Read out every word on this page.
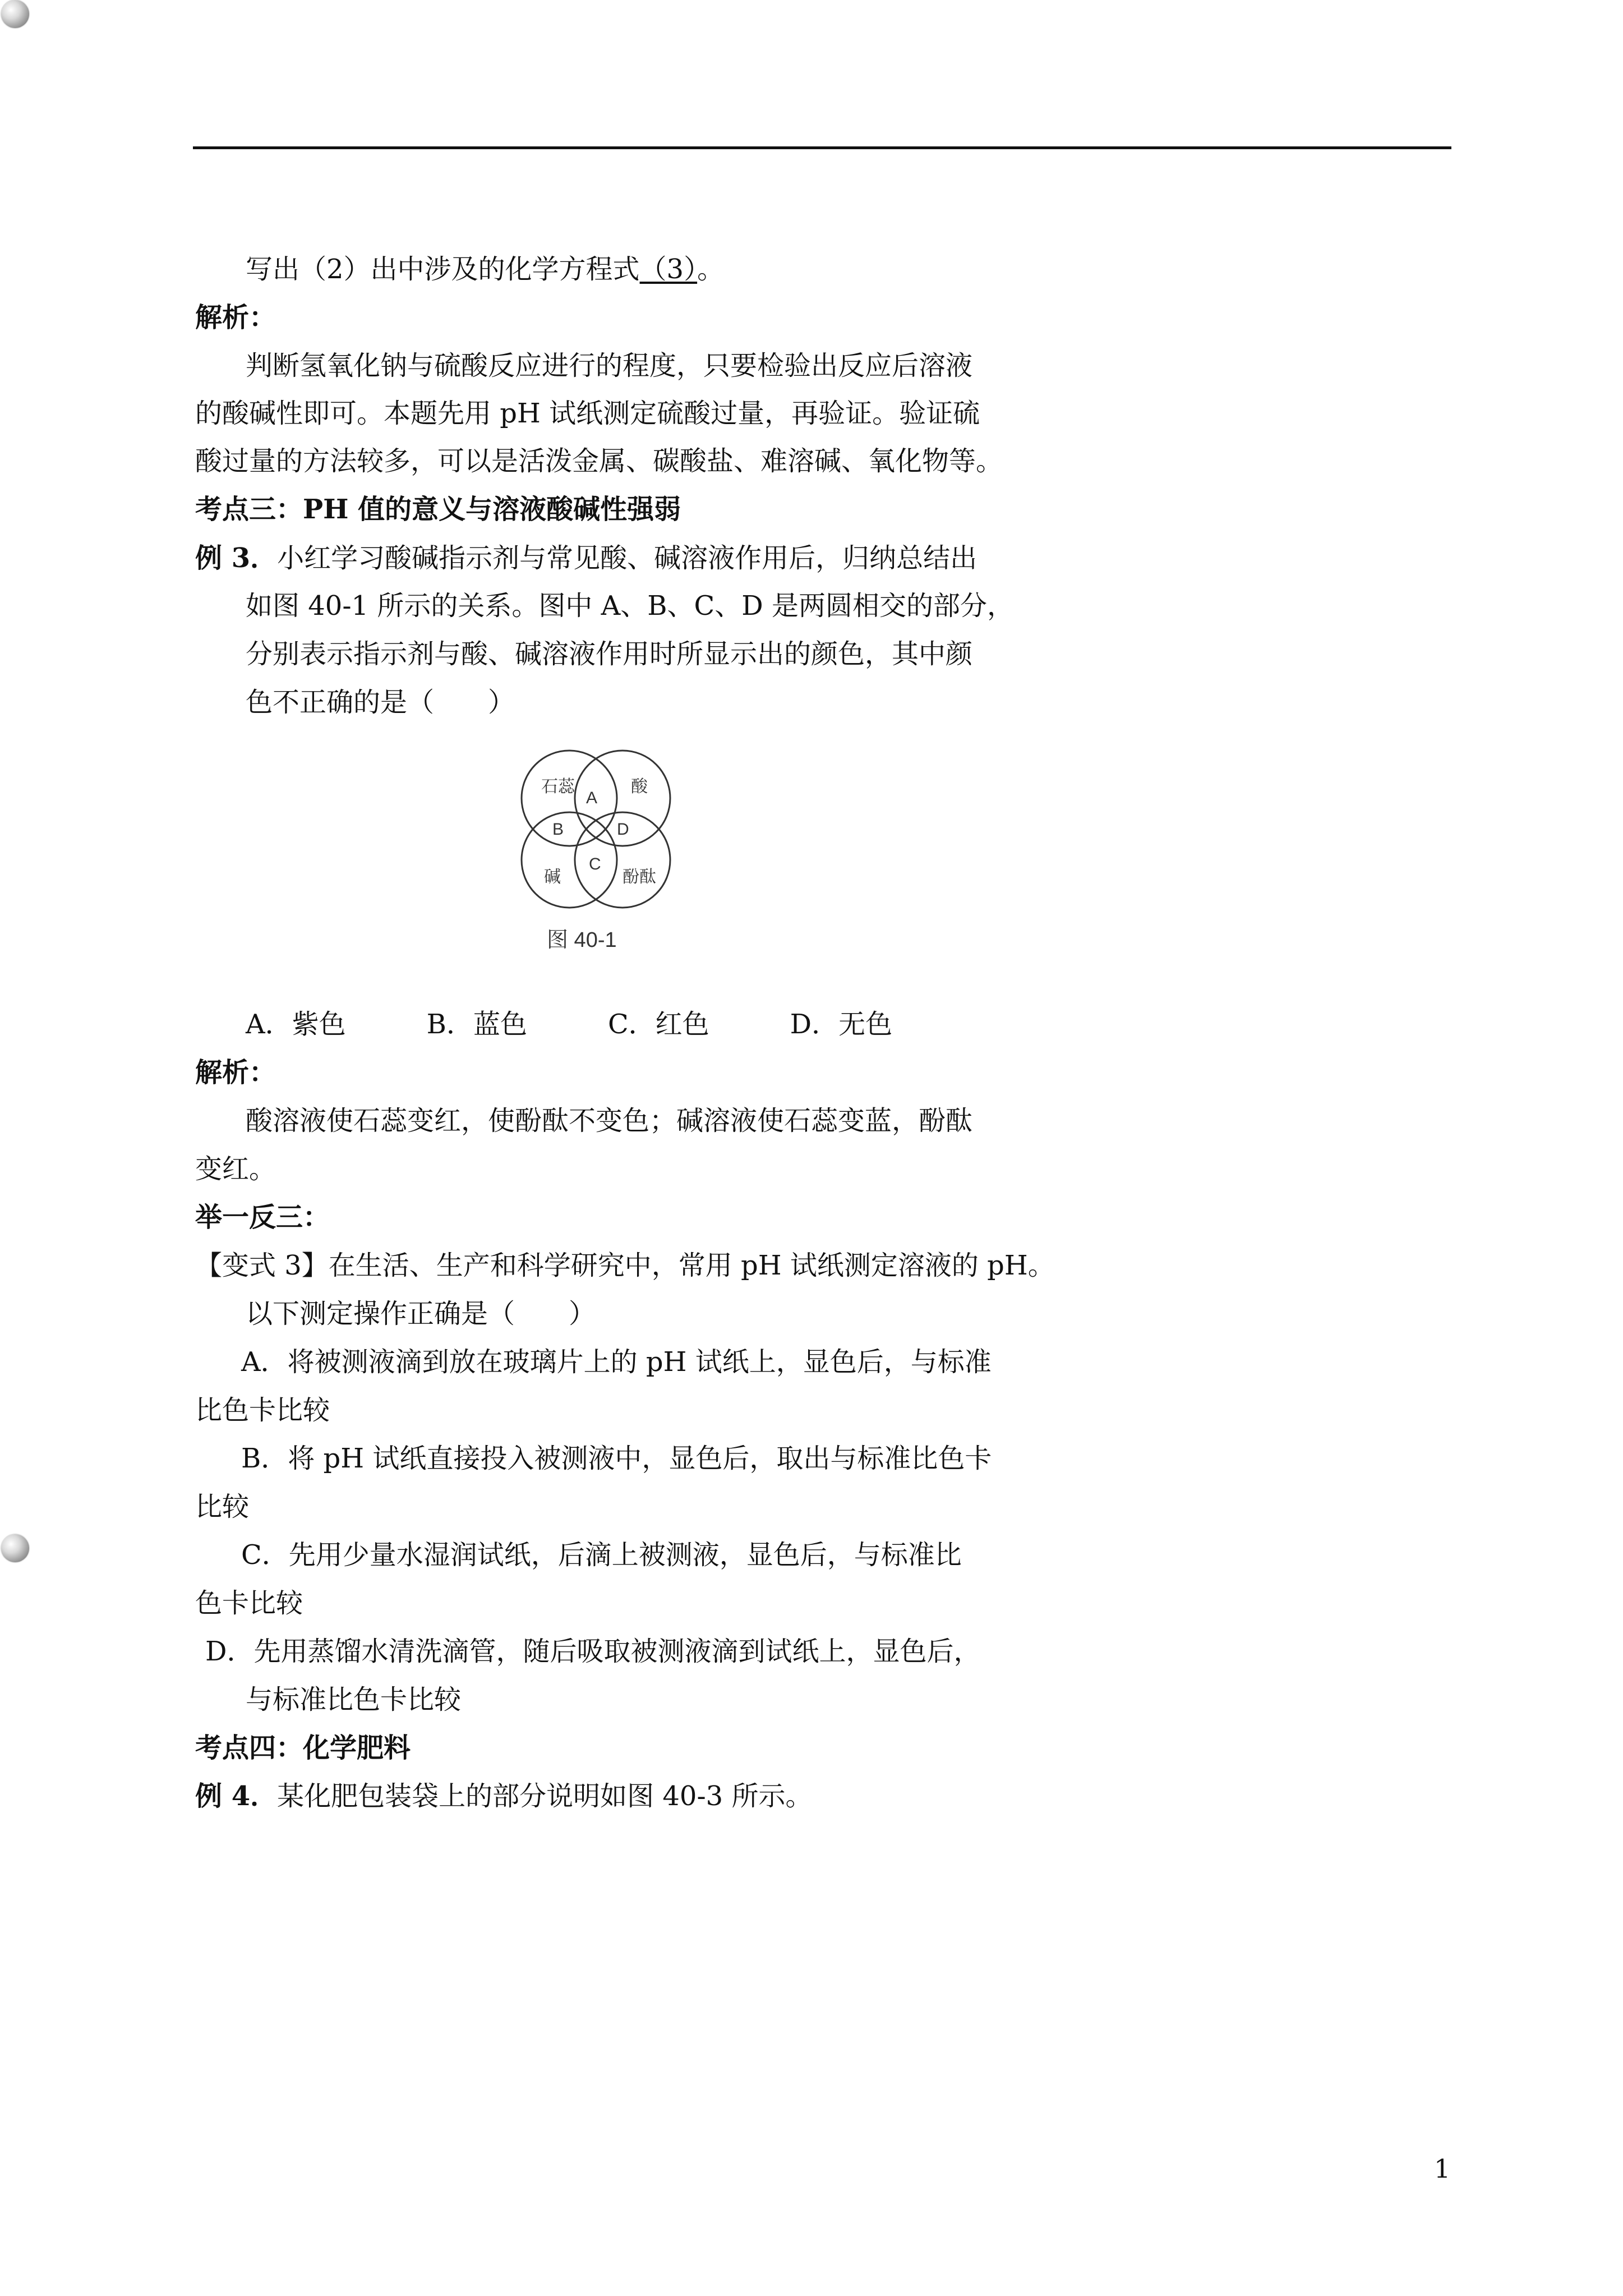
写出（2）出中涉及的化学方程式（3）。
解析：
判断氢氧化钠与硫酸反应进行的程度，只要检验出反应后溶液
的酸碱性即可。本题先用 pH 试纸测定硫酸过量，再验证。验证硫
酸过量的方法较多，可以是活泼金属、碳酸盐、难溶碱、氧化物等。
考点三：PH 值的意义与溶液酸碱性强弱
例 3．小红学习酸碱指示剂与常见酸、碱溶液作用后，归纳总结出
如图 40-1 所示的关系。图中 A、B、C、D 是两圆相交的部分，
分别表示指示剂与酸、碱溶液作用时所显示出的颜色，其中颜
色不正确的是（　　）
石蕊	酸
A
B	D
C
碱	酚酞
图 40-1
A．紫色　　　B．蓝色　　　C．红色　　　D．无色
解析：
酸溶液使石蕊变红，使酚酞不变色；碱溶液使石蕊变蓝，酚酞
变红。
举一反三：
【变式 3】在生活、生产和科学研究中，常用 pH 试纸测定溶液的 pH。
以下测定操作正确是（　　）
A．将被测液滴到放在玻璃片上的 pH 试纸上，显色后，与标准
比色卡比较
B．将 pH 试纸直接投入被测液中，显色后，取出与标准比色卡
比较
C．先用少量水湿润试纸，后滴上被测液，显色后，与标准比
色卡比较
D．先用蒸馏水清洗滴管，随后吸取被测液滴到试纸上，显色后，
与标准比色卡比较
考点四：化学肥料
例 4．某化肥包装袋上的部分说明如图 40-3 所示。
1
